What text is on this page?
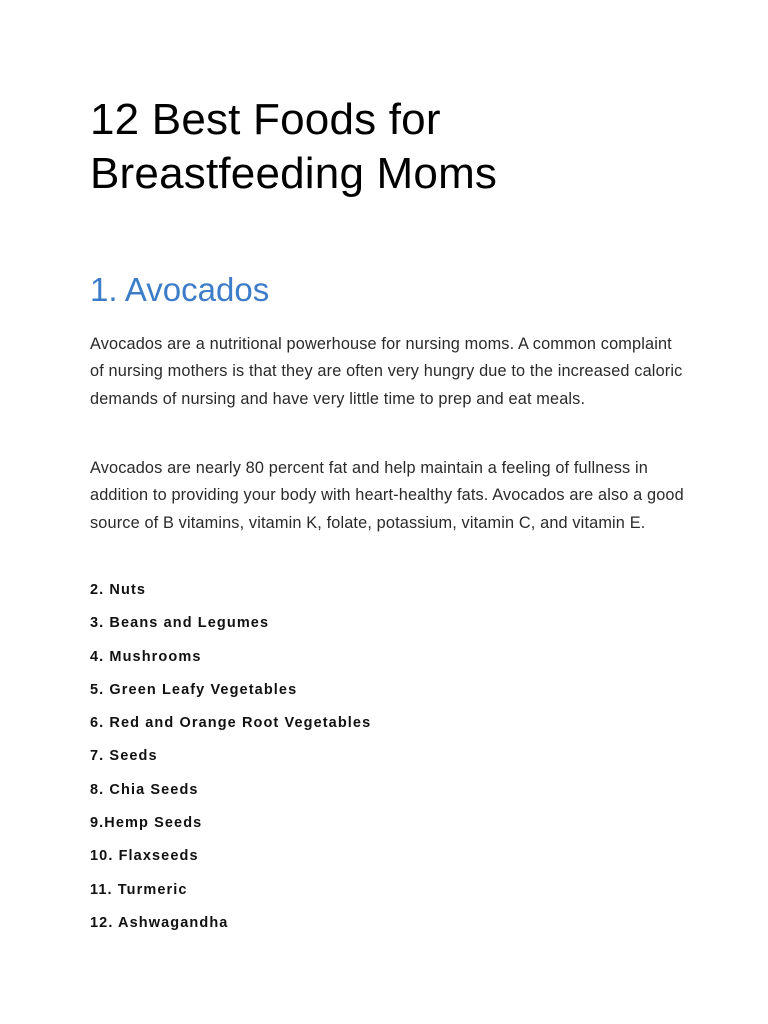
12 Best Foods for
Breastfeeding Moms
1. Avocados

Avocados are a nutritional powerhouse for nursing moms. A common complaint of nursing mothers is that they are often very hungry due to the increased caloric demands of nursing and have very little time to prep and eat meals.

Avocados are nearly 80 percent fat and help maintain a feeling of fullness in addition to providing your body with heart-healthy fats. Avocados are also a good source of B vitamins, vitamin K, folate, potassium, vitamin C, and vitamin E.

2. Nuts
3. Beans and Legumes
4. Mushrooms
5. Green Leafy Vegetables
6. Red and Orange Root Vegetables
7. Seeds
8. Chia Seeds
9.Hemp Seeds
10. Flaxseeds
11. Turmeric
12. Ashwagandha
